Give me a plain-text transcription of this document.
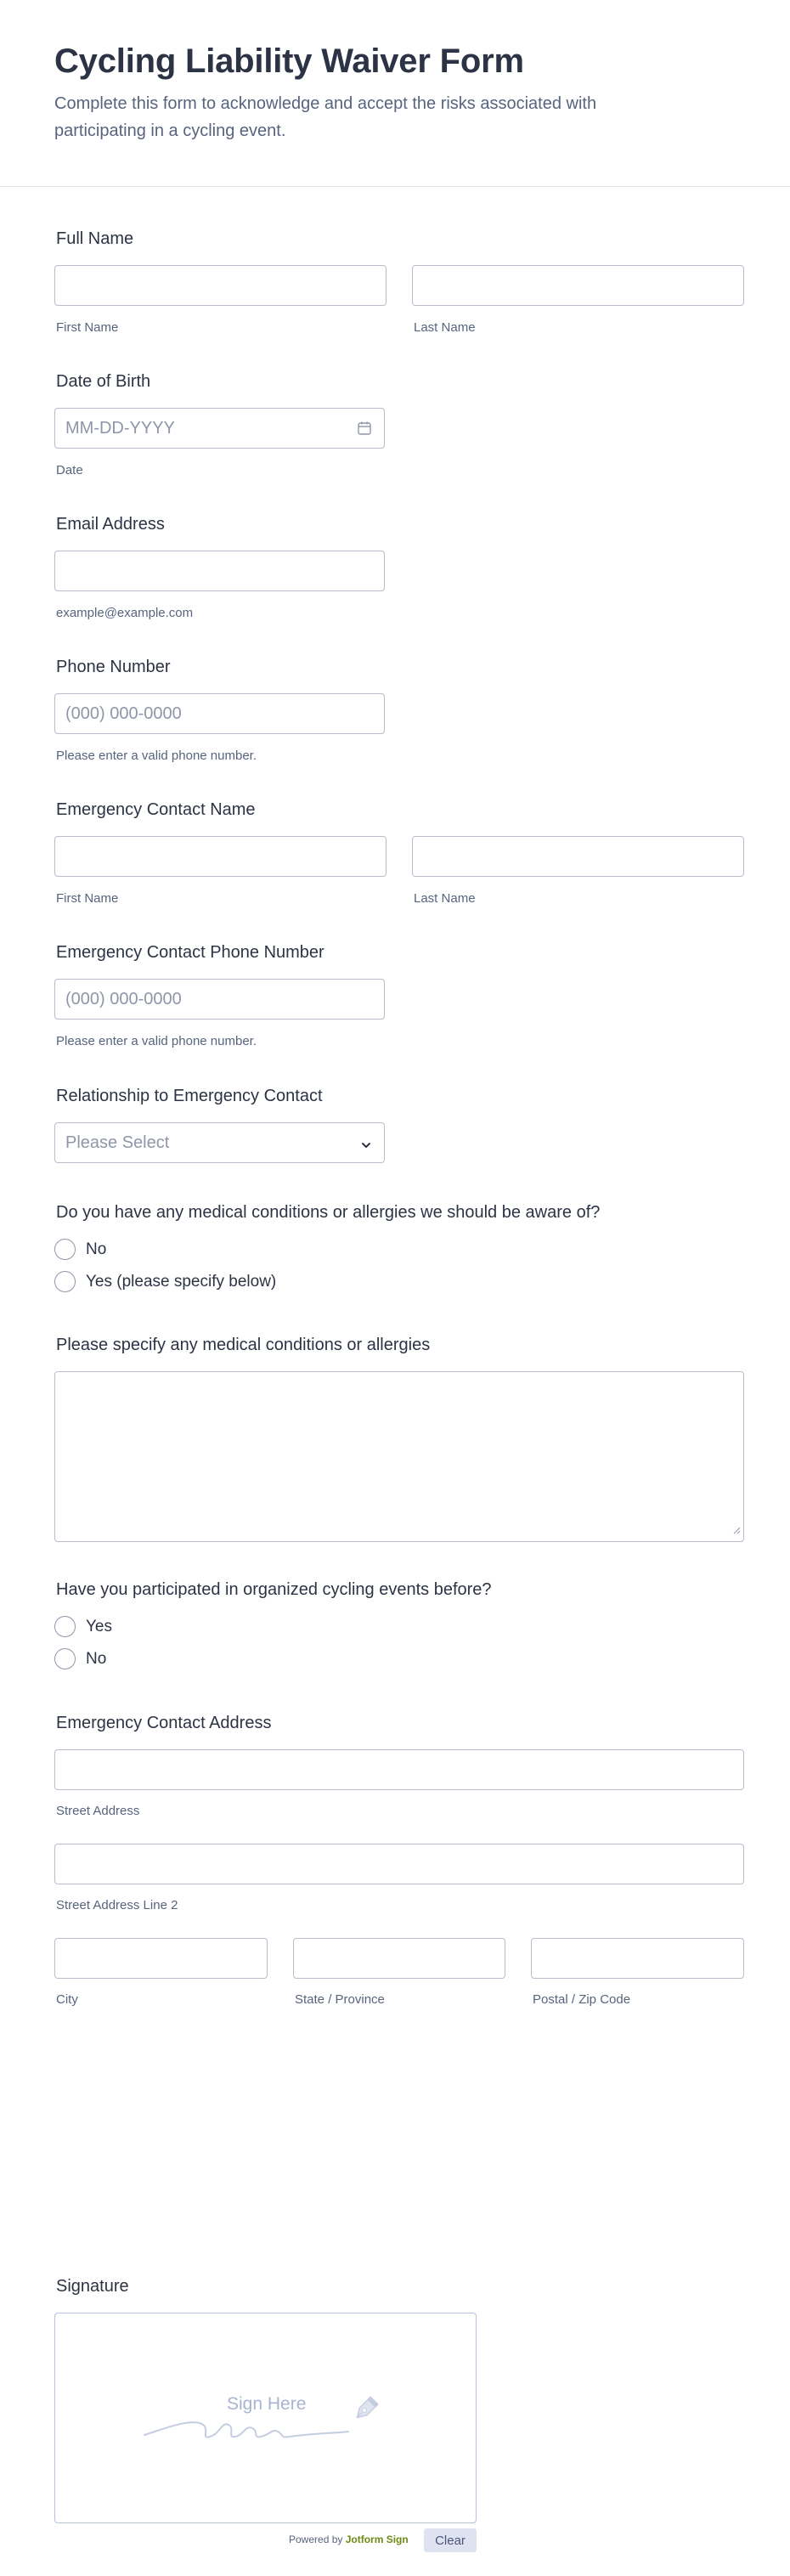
Cycling Liability Waiver Form
Complete this form to acknowledge and accept the risks associated with participating in a cycling event.
Full Name
First Name	Last Name
Date of Birth
MM-DD-YYYY
Date
Email Address
example@example.com
Phone Number
(000) 000-0000
Please enter a valid phone number.
Emergency Contact Name
First Name	Last Name
Emergency Contact Phone Number
(000) 000-0000
Please enter a valid phone number.
Relationship to Emergency Contact
Please Select
Do you have any medical conditions or allergies we should be aware of?
No
Yes (please specify below)
Please specify any medical conditions or allergies
Have you participated in organized cycling events before?
Yes
No
Emergency Contact Address
Street Address
Street Address Line 2
City	State / Province	Postal / Zip Code
Signature
Sign Here
Powered by Jotform Sign	Clear
